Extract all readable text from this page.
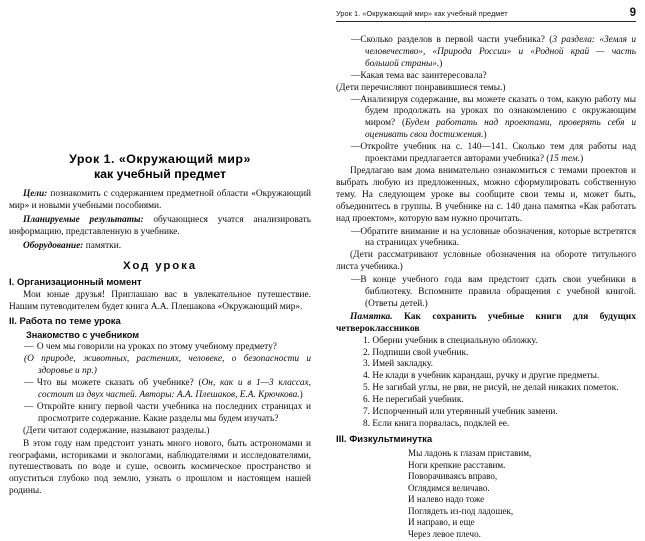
Урок 1. «Окружающий мир»
как учебный предмет

Цели: познакомить с содержанием предметной области «Окружающий мир» и новыми учебными пособиями.

Планируемые результаты: обучающиеся учатся анализировать информацию, представленную в учебнике.

Оборудование: памятки.

Ход урока
I. Организационный момент

Мои юные друзья! Приглашаю вас в увлекательное путешествие. Нашим путеводителем будет книга А.А. Плешакова «Окружающий мир».

II. Работа по теме урока
Знакомство с учебником

— О чем мы говорили на уроках по этому учебному предмету?

(О природе, животных, растениях, человеке, о безопасности и здоровье и пр.)

— Что вы можете сказать об учебнике? (Он, как и в 1—3 классах, состоит из двух частей. Авторы: А.А. Плешаков, Е.А. Крючкова.)

— Откройте книгу первой части учебника на последних страницах и просмотрите содержание. Какие разделы мы будем изучать?

(Дети читают содержание, называют разделы.)

В этом году нам предстоит узнать много нового, быть астрономами и географами, историками и экологами, наблюдателями и исследователями, путешествовать по воде и суше, освоить космическое пространство и опуститься глубоко под землю, узнать о прошлом и настоящем нашей родины.

Урок 1. «Окружающий мир» как учебный предмет	9

—Сколько разделов в первой части учебника? (3 раздела: «Земля и человечество», «Природа России» и «Родной край — часть большой страны».)

—Какая тема вас заинтересовала?

(Дети перечисляют понравившиеся темы.)

—Анализируя содержание, вы можете сказать о том, какую работу мы будем продолжать на уроках по ознакомлению с окружающим миром? (Будем работать над проектами, проверять себя и оценивать свои достижения.)

—Откройте учебник на с. 140—141. Сколько тем для работы над проектами предлагается авторами учебника? (15 тем.)

Предлагаю вам дома внимательно ознакомиться с темами проектов и выбрать любую из предложенных, можно сформулировать собственную тему. На следующем уроке вы сообщите свои темы и, может быть, объединитесь в группы. В учебнике на с. 140 дана памятка «Как работать над проектом», которую вам нужно прочитать.

—Обратите внимание и на условные обозначения, которые встретятся на страницах учебника.

(Дети рассматривают условные обозначения на обороте титульного листа учебника.)

—В конце учебного года вам предстоит сдать свои учебники в библиотеку. Вспомните правила обращения с учебной книгой. (Ответы детей.)

Памятка. Как сохранить учебные книги для будущих четвероклассников

1. Оберни учебник в специальную обложку.

2. Подпиши свой учебник.

3. Имей закладку.

4. Не клади в учебник карандаш, ручку и другие предметы.

5. Не загибай углы, не рви, не рисуй, не делай никаких пометок.

6. Не перегибай учебник.

7. Испорченный или утерянный учебник замени.

8. Если книга порвалась, подклей ее.

III. Физкультминутка
Мы ладонь к глазам приставим,
Ноги крепкие расставим.
Поворачиваясь вправо,
Оглядимся величаво.
И налево надо тоже
Поглядеть из-под ладошек,
И направо, и еще
Через левое плечо.
